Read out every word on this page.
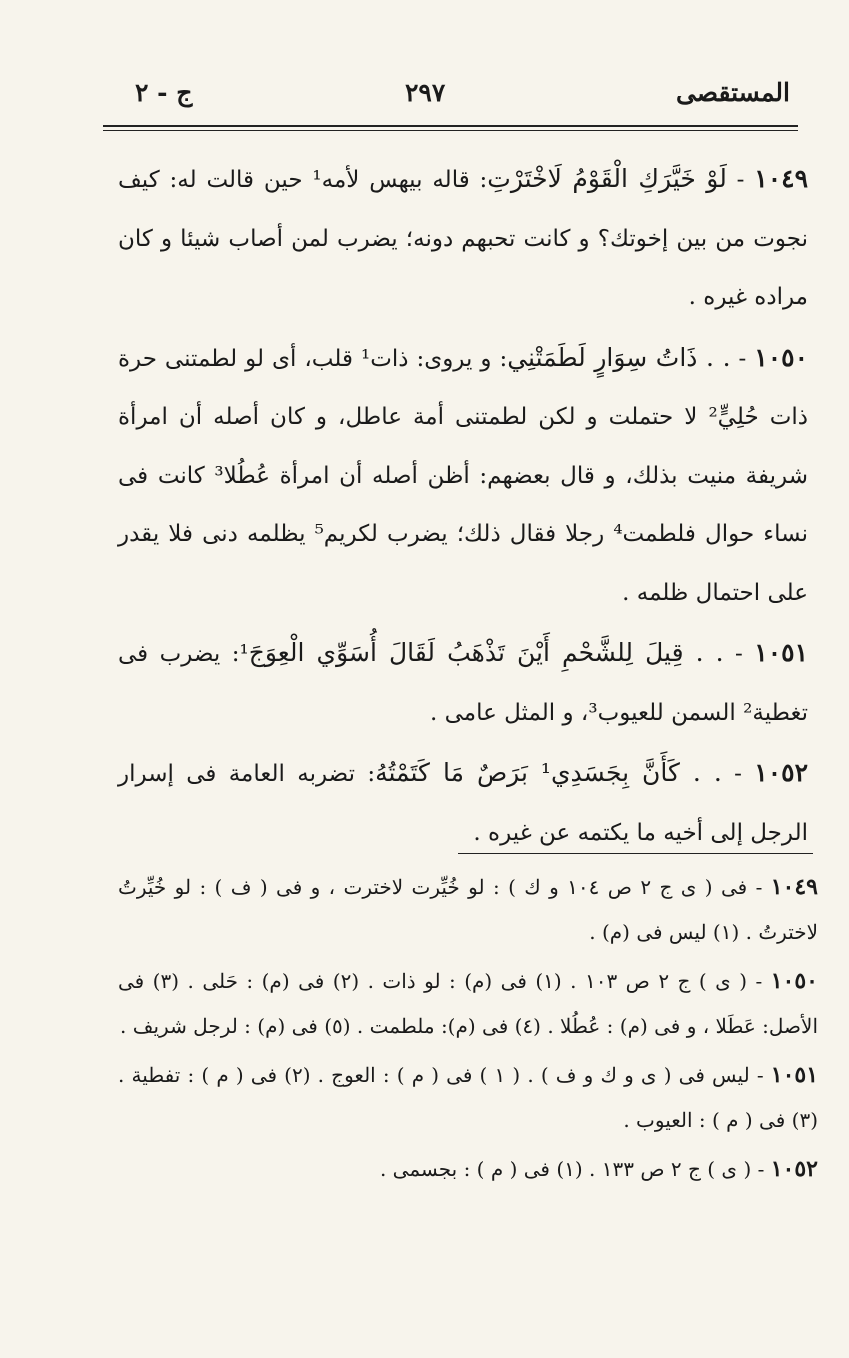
المستقصى
٢٩٧
ج - ٢

١٠٤٩ - لَوْ خَيَّرَكِ الْقَوْمُ لَاخْتَرْتِ: قاله بيهس لأمه¹ حين قالت له: كيف نجوت من بين إخوتك؟ و كانت تحبهم دونه؛ يضرب لمن أصاب شيئا و كان مراده غيره .

١٠٥٠ - . . ذَاتُ سِوَارٍ لَطَمَتْنِي: و يروى: ذات¹ قلب، أى لو لطمتنى حرة ذات حُلِيٍّ² لا حتملت و لكن لطمتنى أمة عاطل، و كان أصله أن امرأة شريفة منيت بذلك، و قال بعضهم: أظن أصله أن امرأة عُطُلا³ كانت فى نساء حوال فلطمت⁴ رجلا فقال ذلك؛ يضرب لكريم⁵ يظلمه دنى فلا يقدر على احتمال ظلمه .

١٠٥١ - . . قِيلَ لِلشَّحْمِ أَيْنَ تَذْهَبُ لَقَالَ أُسَوِّي الْعِوَجَ¹: يضرب فى تغطية² السمن للعيوب³، و المثل عامى .

١٠٥٢ - . . كَأَنَّ بِجَسَدِي¹ بَرَصٌ مَا كَتَمْتُهُ: تضربه العامة فى إسرار الرجل إلى أخيه ما يكتمه عن غيره .

١٠٤٩ - فى ( ى ج ٢ ص ١٠٤ و ك ) : لو خُيِّرت لاخترت ، و فى ( ف ) : لو خُيِّرتُ لاخترتُ . (١) ليس فى (م) .

١٠٥٠ - ( ى ) ج ٢ ص ١٠٣ . (١) فى (م) : لو ذات . (٢) فى (م) : حَلى . (٣) فى الأصل: عَطَلا ، و فى (م) : عُطُلا . (٤) فى (م): ملطمت . (٥) فى (م) : لرجل شريف .

١٠٥١ - ليس فى ( ى و ك و ف ) . ( ١ ) فى ( م ) : العوج . (٢) فى ( م ) : تفطية . (٣) فى ( م ) : العيوب .

١٠٥٢ - ( ى ) ج ٢ ص ١٣٣ . (١) فى ( م ) : بجسمى .
